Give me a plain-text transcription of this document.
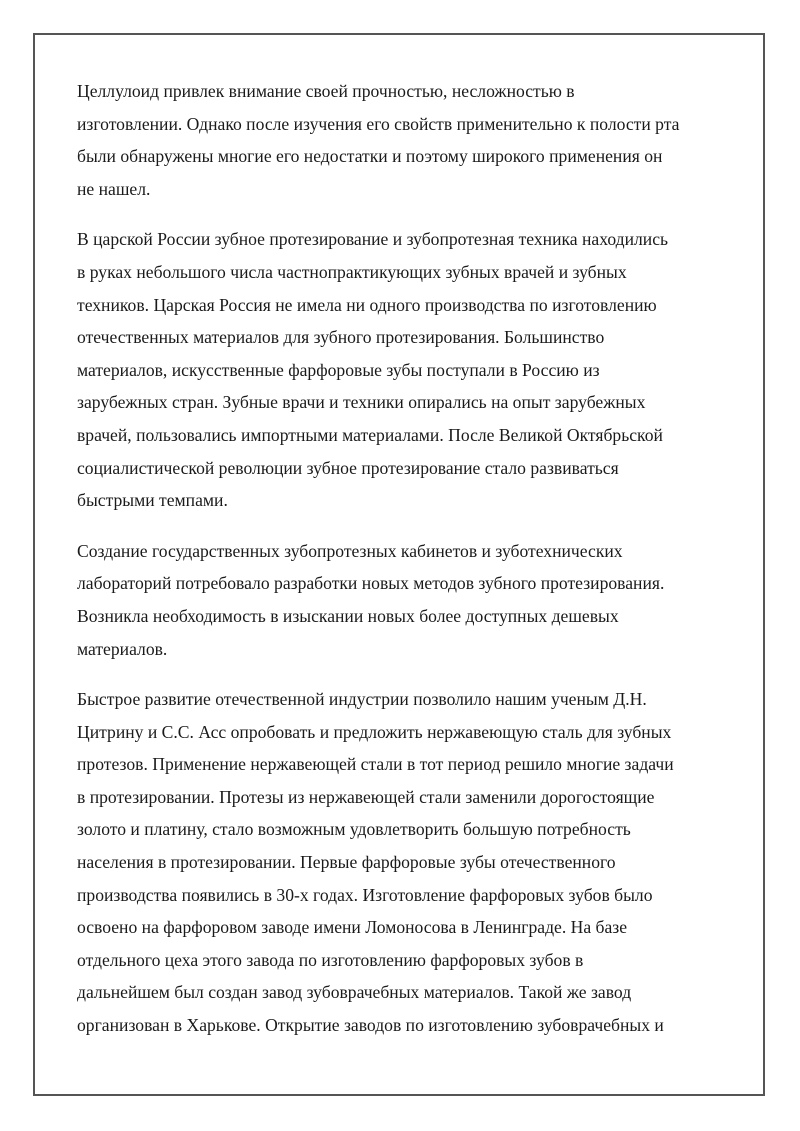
Целлулоид привлек внимание своей прочностью, несложностью в
изготовлении. Однако после изучения его свойств применительно к полости рта
были обнаружены многие его недостатки и поэтому широкого применения он
не нашел.

В царской России зубное протезирование и зубопротезная техника находились
в руках небольшого числа частнопрактикующих зубных врачей и зубных
техников. Царская Россия не имела ни одного производства по изготовлению
отечественных материалов для зубного протезирования. Большинство
материалов, искусственные фарфоровые зубы поступали в Россию из
зарубежных стран. Зубные врачи и техники опирались на опыт зарубежных
врачей, пользовались импортными материалами. После Великой Октябрьской
социалистической революции зубное протезирование стало развиваться
быстрыми темпами.

Создание государственных зубопротезных кабинетов и зуботехнических
лабораторий потребовало разработки новых методов зубного протезирования.
Возникла необходимость в изыскании новых более доступных дешевых
материалов.

Быстрое развитие отечественной индустрии позволило нашим ученым Д.Н.
Цитрину и С.С. Асс опробовать и предложить нержавеющую сталь для зубных
протезов. Применение нержавеющей стали в тот период решило многие задачи
в протезировании. Протезы из нержавеющей стали заменили дорогостоящие
золото и платину, стало возможным удовлетворить большую потребность
населения в протезировании. Первые фарфоровые зубы отечественного
производства появились в 30-х годах. Изготовление фарфоровых зубов было
освоено на фарфоровом заводе имени Ломоносова в Ленинграде. На базе
отдельного цеха этого завода по изготовлению фарфоровых зубов в
дальнейшем был создан завод зубоврачебных материалов. Такой же завод
организован в Харькове. Открытие заводов по изготовлению зубоврачебных и
